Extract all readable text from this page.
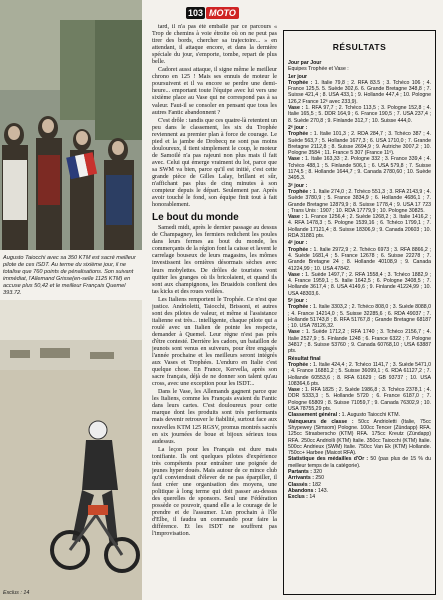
Augusto Taiocchi avec sa 350 KTM est sacré meilleur pilote de ces ISDT. Au terme du sixième jour, il ne totalise que 760 points de pénalisations. Son suivant immédiat, l'Allemand Grisse(en-selle 1125 KTM) en accuse plus 50,42 et le meilleur Français Quemel 393.72.
Exclus : 14
103 MOTO

tard, il n'a pas été emballé par ce parcours « Trop de chemins à voie étroite où on ne peut pas tirer des bords, chercher sa trajectoire... » en attendant, il attaque encore, et dans la dernière spéciale du jour, s'emporte, tombe, repart de plus belle.

Cadoret aussi attaque, il signe même le meilleur chrono en 125 ! Mais ses ennuis de moteur le poursuivent et il va encore se perdre une demi-heure... emportant toute l'équipe avec lui vers une sixième place au Vase qui ne correspond pas à sa valeur. Faut-il se consoler en pensant que tous les autres Fantic abandonnent ?

C'est drôle : tandis que ces quatre-là retentent un peu dans le classement, les six du Trophée reviennent au premier plan à force de courage. Le pied et la jambe de Drobecq ne sont pas moins douloureux, il tient simplement le coup, le moteur de Samoilé n'a pas rajeuni non plus mais il fait avec. Celui qui émerge vraiment du lot, parce que sa SWM va bien, parce qu'il est initié, c'est cette grande pièce de Gilles Lalay, brillant et sûr, n'affichant pas plus de cinq minutes à son compteur depuis le départ. Seulement par. Après avoir touché le fond, son équipe finit tout à fait honorablement.

Le bout du monde

Samedi midi, après le dernier passage au dessus de Champagney, les fermiers redichent les poules dans leurs fermes au bout du monde, les commerçants de la région font la caisse et lavent le carrelage bouseux de leurs magasins, les mômes investissent les ornières désormais sèches avec leurs mobylettes. De drôles de touristes vont quitter les granges où ils bricolaient, et quand ils sont aux champignons, les Bruaidois confient des tas kicks et des roues voilées.

Les Italiens remportent le Trophée. Ce n'est que justice. Andrioletti, Taiocchi, Brissoni, et autres sont des pilotes de valeur, et même si l'assistance italienne est très... intelligente, chaque pilote qui a roulé avec un Italien de pointe les respecte, demander à Quemel. Leur règne n'est pas près d'être contesté. Derrière les cadors, un bataillon de jeunots sont venus en suiveurs, pour être engagés l'année prochaine et les meilleurs seront intégrés aux Vases et Trophées. L'enduro en Italie c'est quelque chose. En France, Kervella, après son sacre français, déjà de ne donner son talent qu'au cross, avec une exception pour les ISDT...

Dans le Vase, les Allemands gagnent parce que les Italiens, comme les Français avaient du Fantic dans leurs cartes. C'est douloureux pour cette marque dont les produits sont très performants mais devenir retrouver le fiabilité, surtout face aux nouvelles KTM 125 RGSV, promus montrés sacrés en six journées de boue et bijoux sérieux tous audessus.

La leçon pour les Français est dure mais tonifiante. Ils ont quelques pilotes d'expérience très compétents pour entraîner une poignée de jeunes hyper doués. Mais autour de ce mince club qu'il conviendrait d'élever de ne pas éparpiller, il faut créer une organisation des moyens, une politique à long terme qui doit passer au-dessus des querelles de sponsors. Seul une Fédération possède ce pouvoir, quand elle a le courage de le prendre et de l'assumer. L'an prochain à l'île d'Elbe, il faudra un commando pour faire la différence. Et les ISDT ne souffrent pas l'improvisation.

RÉSULTATS
Jour par Jour
Equipes Trophée et Vase :
1er jour
Trophée : 1. Italie 79,8 ; 2. RFA 83.5 ; 3. Tchéco 106 ; 4. France 125,5. 5. Suède 302,6. 6. Grande Bretagne 348,8 ; 7. Suisse 421,4 ; 8. USA 433,1 ; 9. Hollande 447,4 ; 10. Pologne 126,2 France 12ᵉ avec 233,9).
Vase : 1. RFA 97,7 ; 2. Tchéco 113,5 ; 3. Pologne 152,8 ; 4. Italie 165,5 ; 5. DDR 164,9 ; 6. France 190,5 ; 7. USA 237,4 ; 8. Suède 270,8 ; 9. Finlande 312,7 ; 10. Suisse 444,0.
2ᵉ jour :
Trophée : 1. Italie 101,3 ; 2. RDA 284,7 ; 3. Tchéco 387 ; 4. Suède 563,7 ; 5. Hollande 1677,3 ; 6. USA 1710,0 ; 7. Grande Bretagne 2112,8 ; 8. Suisse 2694,9 ; 9. Autriche 3007,2 ; 10. Pologne 3584 ; 11. France 5 307 (France 11ᵉ).
Vase : 1. Italie 163,33 ; 2. Pologne 332 ; 3. France 339,4 ; 4. Tchéco 488,1 ; 5. Finlande 506,1 ; 6. USA 579,8 ; 7. Suisse 1174,5 ; 8. Hollande 1644,7 ; 9. Canada 2780,60 ; 10. Suède 3495,3.
3ᵉ jour :
Trophée : 1. Italie 274,0 ; 2. Tchéco 551,3 ; 3. RFA 2143,9 ; 4. Suède 3780,9 ; 5. France 3834,9 ; 6. Hollande 4686,1 ; 7. Grande Bretagne 12879,9 ; 8. Suisse 1778,4 ; 9. USA 17 723 ; Trans Unis : 1907 ; 10. RDA 17779,9 ; 10. Pologne 30825.
Vase : 1. France 1256,4 ; 2. Suède 1268,2 ; 3. Italie 1416,2 ; 4. RFA 1478,3 ; 5. Pologne 1539,16 ; 6. Tchéco 1799,1 ; 7. Hollande 17121,4 ; 8. Suisse 18306,9 ; 9. Canada 20603 ; 10. RDA 31881 pts.
4ᵉ jour :
Trophée : 1. Italie 2972,9 ; 2. Tchéco 6973 ; 3. RFA 8866,2 ; 4. Suède 1681,4 ; 5. France 12678 ; 6. Suisse 22278 ; 7. Grande Bretagne 24 ; 8. Hollande 40108,9 ; 9. Canada 41224,99 ; 10. USA 47842.
Vase : 1. Suède 1497,7 ; 2. RFA 1558,4 ; 3. Tchéco 1882,9 ; 4. France 1959,1 ; 5. Italie 1642,5 ; 6. Pologne 3408,5 ; 7. Hollande 3617,4 ; 8. USA 4149,6 ; 9. Finlande 41224,99 ; 10. USA 48303,6.
5ᵉ jour :
Trophée : 1. Italie 3303,2 ; 2. Tchéco 808,0 ; 3. Suède 8088,0 ; 4. France 14214,0 ; 5. Suisse 32285,6 ; 6. RDA 49037 ; 7. Hollande 51743,8 ; 8. RFA 51767,8 ; Grande Bretagne 68187 ; 10. USA 78126,32.
Vase : 1. Suède 1712,2 ; RFA 1740 ; 3. Tchéco 2156,7 ; 4. Italie 2527,9 ; 5. Finlande 1248 ; 6. France 6322 ; 7. Pologne 34817 ; 8. Suisse 53760 ; 9. Canada 60768,10 ; USA 63887 pts.
Résultat final
Trophée : 1. Italie 424,4 ; 2. Tchéco 1141,7 ; 3. Suède 5471,0 ; 4. France 16881,2 ; 5. Suisse 36099,1 ; 6. RDA 61127,2 ; 7. Hollande 60553,6 ; 8. RFA 61629 ; GB 93737 ; 10. USA 108364,6 pts.
Vase : 1. RFA 1825 ; 2. Suède 1986,8 ; 3. Tchéco 2378,1 ; 4. DDR 5333,3 ; 5. Hollande 5720 ; 6. France 6187,0 ; 7. Pologne 65809 ; 8. Suisse 71059,7 ; 9. Canada 76302,9 ; 10. USA 78755,29 pts.
Classement général : 1. Augusto Taiocchi KTM.
Vainqueurs de classe : 50cc Andrioletti (Italie, 75cc Shypewey (Simsom) Pologne. 100cc Tencer (Zündapp) RFA. 125cc Strasberscho (KTM) RFA. 175cc Kreutz (Zündapp) RFA. 250cc Andriolli (KTM) Italie. 350cc Taiocchi (KTM) Italie. 500cc Andrieux (SWM) Italie. 750cc Van Ek (KTM) Hollande. 750cc+ Harbee (Maicot RFA).
Statistique des médailles d'Or : 50 (pas plus de 15 % du meilleur temps de la catégorie).
Partants : 320
Arrivants : 250
Classés : 182
Abandons : 143.
Exclus : 14
